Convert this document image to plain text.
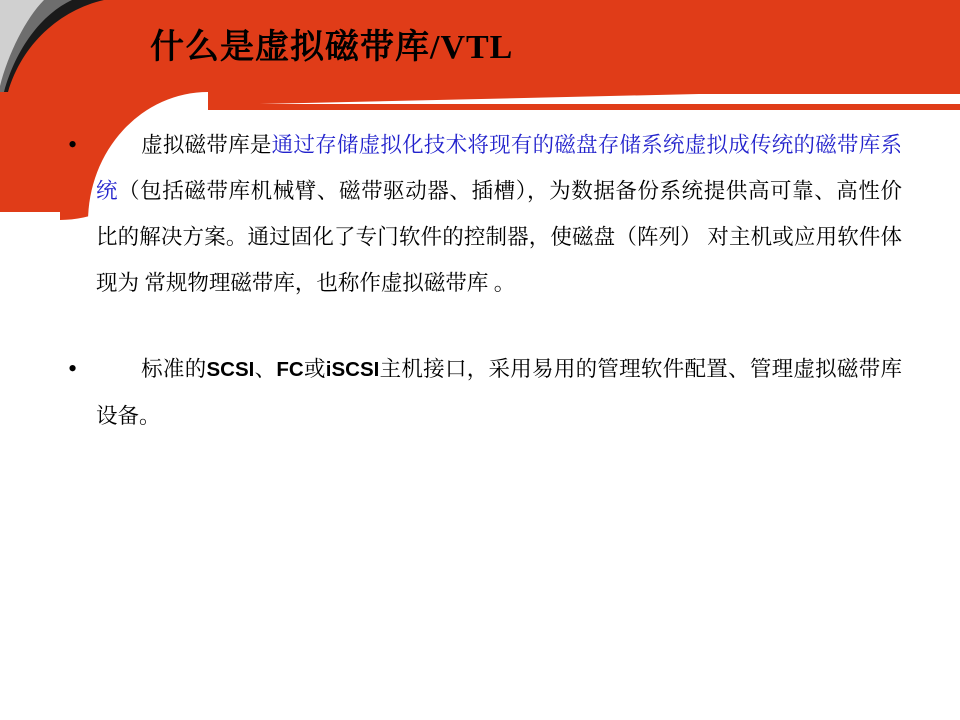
什么是虚拟磁带库/VTL
•	虚拟磁带库是通过存储虚拟化技术将现有的磁盘存储系统虚拟成传统的磁带库系统（包括磁带库机械臂、磁带驱动器、插槽），为数据备份系统提供高可靠、高性价比的解决方案。通过固化了专门软件的控制器，使磁盘（阵列） 对主机或应用软件体现为 常规物理磁带库，也称作虚拟磁带库 。
•	标准的SCSI、FC或iSCSI主机接口，采用易用的管理软件配置、管理虚拟磁带库设备。
